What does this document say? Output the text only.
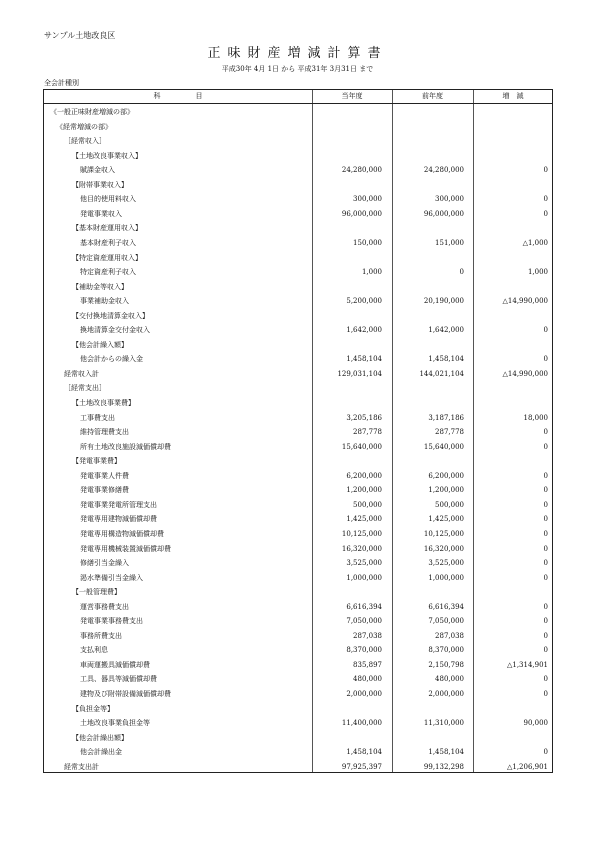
サンプル土地改良区
正味財産増減計算書
平成30年 4月 1日 から 平成31年 3月31日 まで
全会計種別
科　　　　　目	当年度	前年度	増　減
《一般正味財産増減の部》
《経常増減の部》
［経常収入］
【土地改良事業収入】
賦課金収入	24,280,000	24,280,000	0
【附帯事業収入】
他目的使用料収入	300,000	300,000	0
発電事業収入	96,000,000	96,000,000	0
【基本財産運用収入】
基本財産利子収入	150,000	151,000	△1,000
【特定資産運用収入】
特定資産利子収入	1,000	0	1,000
【補助金等収入】
事業補助金収入	5,200,000	20,190,000	△14,990,000
【交付換地清算金収入】
換地清算金交付金収入	1,642,000	1,642,000	0
【他会計繰入額】
他会計からの繰入金	1,458,104	1,458,104	0
経常収入計	129,031,104	144,021,104	△14,990,000
［経常支出］
【土地改良事業費】
工事費支出	3,205,186	3,187,186	18,000
維持管理費支出	287,778	287,778	0
所有土地改良施設減価償却費	15,640,000	15,640,000	0
【発電事業費】
発電事業人件費	6,200,000	6,200,000	0
発電事業修繕費	1,200,000	1,200,000	0
発電事業発電所管理支出	500,000	500,000	0
発電専用建物減価償却費	1,425,000	1,425,000	0
発電専用構造物減価償却費	10,125,000	10,125,000	0
発電専用機械装置減価償却費	16,320,000	16,320,000	0
修繕引当金繰入	3,525,000	3,525,000	0
渇水準備引当金繰入	1,000,000	1,000,000	0
【一般管理費】
運営事務費支出	6,616,394	6,616,394	0
発電事業事務費支出	7,050,000	7,050,000	0
事務所費支出	287,038	287,038	0
支払利息	8,370,000	8,370,000	0
車両運搬具減価償却費	835,897	2,150,798	△1,314,901
工具、器具等減価償却費	480,000	480,000	0
建物及び附帯設備減価償却費	2,000,000	2,000,000	0
【負担金等】
土地改良事業負担金等	11,400,000	11,310,000	90,000
【他会計繰出額】
他会計繰出金	1,458,104	1,458,104	0
経常支出計	97,925,397	99,132,298	△1,206,901
